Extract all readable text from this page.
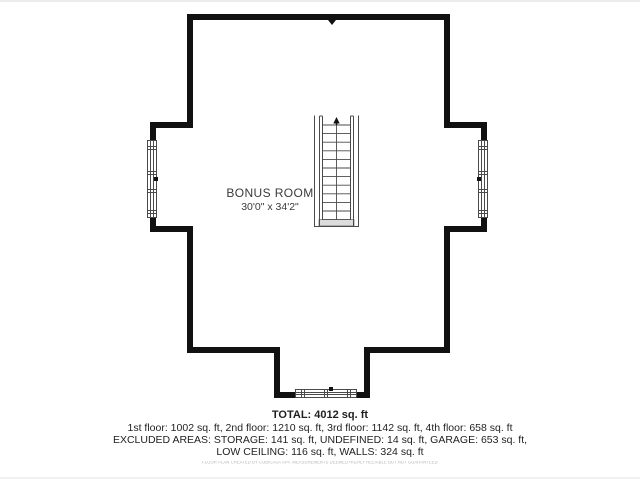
BONUS ROOM
30'0" x 34'2"
TOTAL: 4012 sq. ft
1st floor: 1002 sq. ft, 2nd floor: 1210 sq. ft, 3rd floor: 1142 sq. ft, 4th floor: 658 sq. ft
EXCLUDED AREAS: STORAGE: 141 sq. ft, UNDEFINED: 14 sq. ft, GARAGE: 653 sq. ft,
LOW CEILING: 116 sq. ft, WALLS: 324 sq. ft
FLOOR PLAN CREATED BY CUBICASA APP. MEASUREMENTS DEEMED HIGHLY RELIABLE BUT NOT GUARANTEED
